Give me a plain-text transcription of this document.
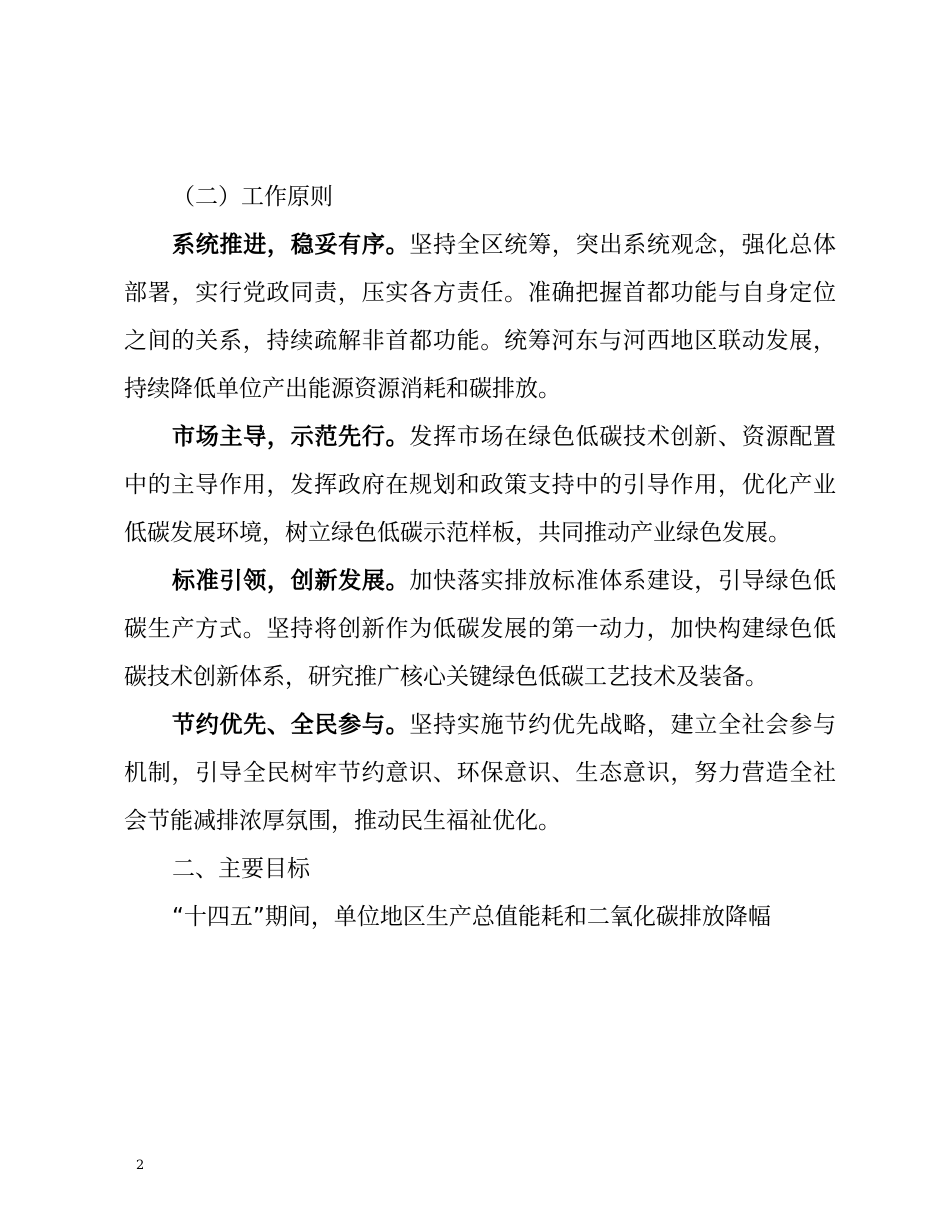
（二）工作原则

系统推进，稳妥有序。坚持全区统筹，突出系统观念，强化总体部署，实行党政同责，压实各方责任。准确把握首都功能与自身定位之间的关系，持续疏解非首都功能。统筹河东与河西地区联动发展，持续降低单位产出能源资源消耗和碳排放。

市场主导，示范先行。发挥市场在绿色低碳技术创新、资源配置中的主导作用，发挥政府在规划和政策支持中的引导作用，优化产业低碳发展环境，树立绿色低碳示范样板，共同推动产业绿色发展。

标准引领，创新发展。加快落实排放标准体系建设，引导绿色低碳生产方式。坚持将创新作为低碳发展的第一动力，加快构建绿色低碳技术创新体系，研究推广核心关键绿色低碳工艺技术及装备。

节约优先、全民参与。坚持实施节约优先战略，建立全社会参与机制，引导全民树牢节约意识、环保意识、生态意识，努力营造全社会节能减排浓厚氛围，推动民生福祉优化。

二、主要目标

“十四五”期间，单位地区生产总值能耗和二氧化碳排放降幅

2
